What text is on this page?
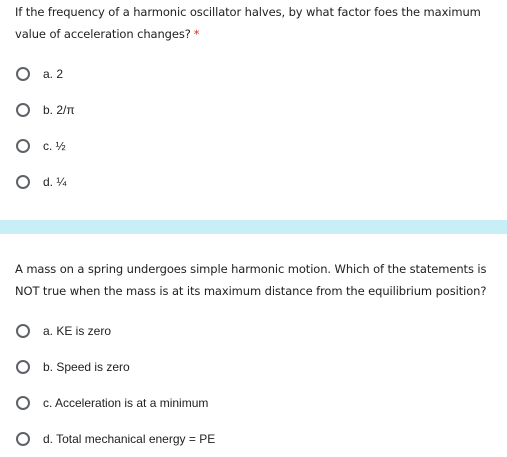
If the frequency of a harmonic oscillator halves, by what factor foes the maximum value of acceleration changes? *
a. 2
b. 2/π
c. ½
d. ¼
A mass on a spring undergoes simple harmonic motion. Which of the statements is NOT true when the mass is at its maximum distance from the equilibrium position?
a. KE is zero
b. Speed is zero
c. Acceleration is at a minimum
d. Total mechanical energy = PE
